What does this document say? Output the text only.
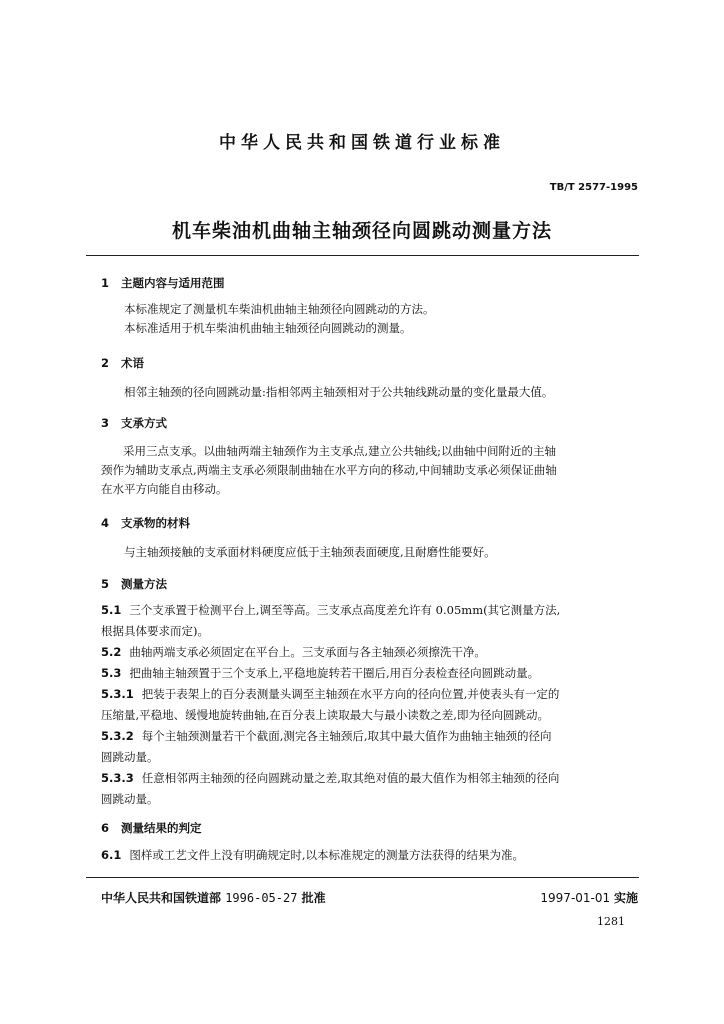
中华人民共和国铁道行业标准
TB/T 2577-1995
机车柴油机曲轴主轴颈径向圆跳动测量方法
1 主题内容与适用范围
本标准规定了测量机车柴油机曲轴主轴颈径向圆跳动的方法。
本标准适用于机车柴油机曲轴主轴颈径向圆跳动的测量。
2 术语
相邻主轴颈的径向圆跳动量:指相邻两主轴颈相对于公共轴线跳动量的变化量最大值。
3 支承方式
采用三点支承。以曲轴两端主轴颈作为主支承点,建立公共轴线;以曲轴中间附近的主轴
颈作为辅助支承点,两端主支承必须限制曲轴在水平方向的移动,中间辅助支承必须保证曲轴
在水平方向能自由移动。
4 支承物的材料
与主轴颈接触的支承面材料硬度应低于主轴颈表面硬度,且耐磨性能要好。
5 测量方法
5.1 三个支承置于检测平台上,调至等高。三支承点高度差允许有 0.05mm(其它测量方法,
根据具体要求而定)。
5.2 曲轴两端支承必须固定在平台上。三支承面与各主轴颈必须擦洗干净。
5.3 把曲轴主轴颈置于三个支承上,平稳地旋转若干圈后,用百分表检查径向圆跳动量。
5.3.1 把装于表架上的百分表测量头调至主轴颈在水平方向的径向位置,并使表头有一定的
压缩量,平稳地、缓慢地旋转曲轴,在百分表上读取最大与最小读数之差,即为径向圆跳动。
5.3.2 每个主轴颈测量若干个截面,测完各主轴颈后,取其中最大值作为曲轴主轴颈的径向
圆跳动量。
5.3.3 任意相邻两主轴颈的径向圆跳动量之差,取其绝对值的最大值作为相邻主轴颈的径向
圆跳动量。
6 测量结果的判定
6.1 图样或工艺文件上没有明确规定时,以本标准规定的测量方法获得的结果为准。
中华人民共和国铁道部 1996-05-27 批准	1997-01-01 实施
1281
